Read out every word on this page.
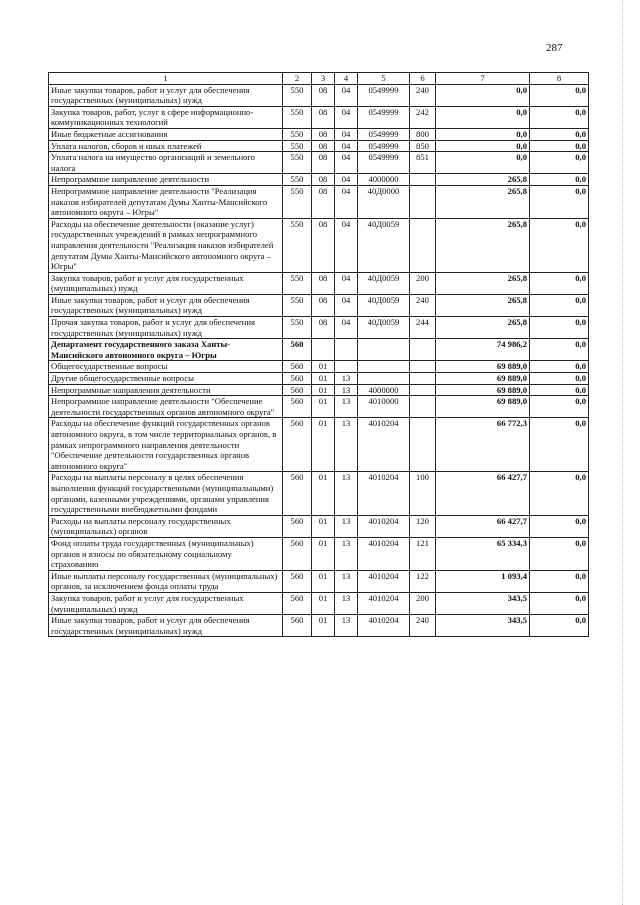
287
1	2	3	4	5	6	7	8
Иные закупки товаров, работ и услуг для обеспечения государственных (муниципальных) нужд	550	08	04	0549999	240	0,0	0,0
Закупка товаров, работ, услуг в сфере информационно-коммуникационных технологий	550	08	04	0549999	242	0,0	0,0
Иные бюджетные ассигнования	550	08	04	0549999	800	0,0	0,0
Уплата налогов, сборов и иных платежей	550	08	04	0549999	850	0,0	0,0
Уплата налога на имущество организаций и земельного налога	550	08	04	0549999	851	0,0	0,0
Непрограммное направление деятельности	550	08	04	4000000		265,8	0,0
Непрограммное направление деятельности "Реализация наказов избирателей депутатам Думы Ханты-Мансийского автономного округа – Югры"	550	08	04	40Д0000		265,8	0,0
Расходы на обеспечение деятельности (оказание услуг) государственных учреждений в рамках непрограммного направления деятельности "Реализация наказов избирателей депутатам Думы Ханты-Мансийского автономного округа – Югры"	550	08	04	40Д0059		265,8	0,0
Закупка товаров, работ и услуг для государственных (муниципальных) нужд	550	08	04	40Д0059	200	265,8	0,0
Иные закупки товаров, работ и услуг для обеспечения государственных (муниципальных) нужд	550	08	04	40Д0059	240	265,8	0,0
Прочая закупка товаров, работ и услуг для обеспечения государственных (муниципальных) нужд	550	08	04	40Д0059	244	265,8	0,0
Департамент государственного заказа Ханты-Мансийского автономного округа – Югры	560					74 986,2	0,0
Общегосударственные вопросы	560	01				69 889,0	0,0
Другие общегосударственные вопросы	560	01	13			69 889,0	0,0
Непрограммные направления деятельности	560	01	13	4000000		69 889,0	0,0
Непрограммное направление деятельности "Обеспечение деятельности государственных органов автономного округа"	560	01	13	4010000		69 889,0	0,0
Расходы на обеспечение функций государственных органов автономного округа, в том числе территориальных органов, в рамках непрограммного направления деятельности "Обеспечение деятельности государственных органов автономного округа"	560	01	13	4010204		66 772,3	0,0
Расходы на выплаты персоналу в целях обеспечения выполнения функций государственными (муниципальными) органами, казенными учреждениями, органами управления государственными внебюджетными фондами	560	01	13	4010204	100	66 427,7	0,0
Расходы на выплаты персоналу государственных (муниципальных) органов	560	01	13	4010204	120	66 427,7	0,0
Фонд оплаты труда государственных (муниципальных) органов и взносы по обязательному социальному страхованию	560	01	13	4010204	121	65 334,3	0,0
Иные выплаты персоналу государственных (муниципальных) органов, за исключением фонда оплаты труда	560	01	13	4010204	122	1 093,4	0,0
Закупка товаров, работ и услуг для государственных (муниципальных) нужд	560	01	13	4010204	200	343,5	0,0
Иные закупки товаров, работ и услуг для обеспечения государственных (муниципальных) нужд	560	01	13	4010204	240	343,5	0,0
